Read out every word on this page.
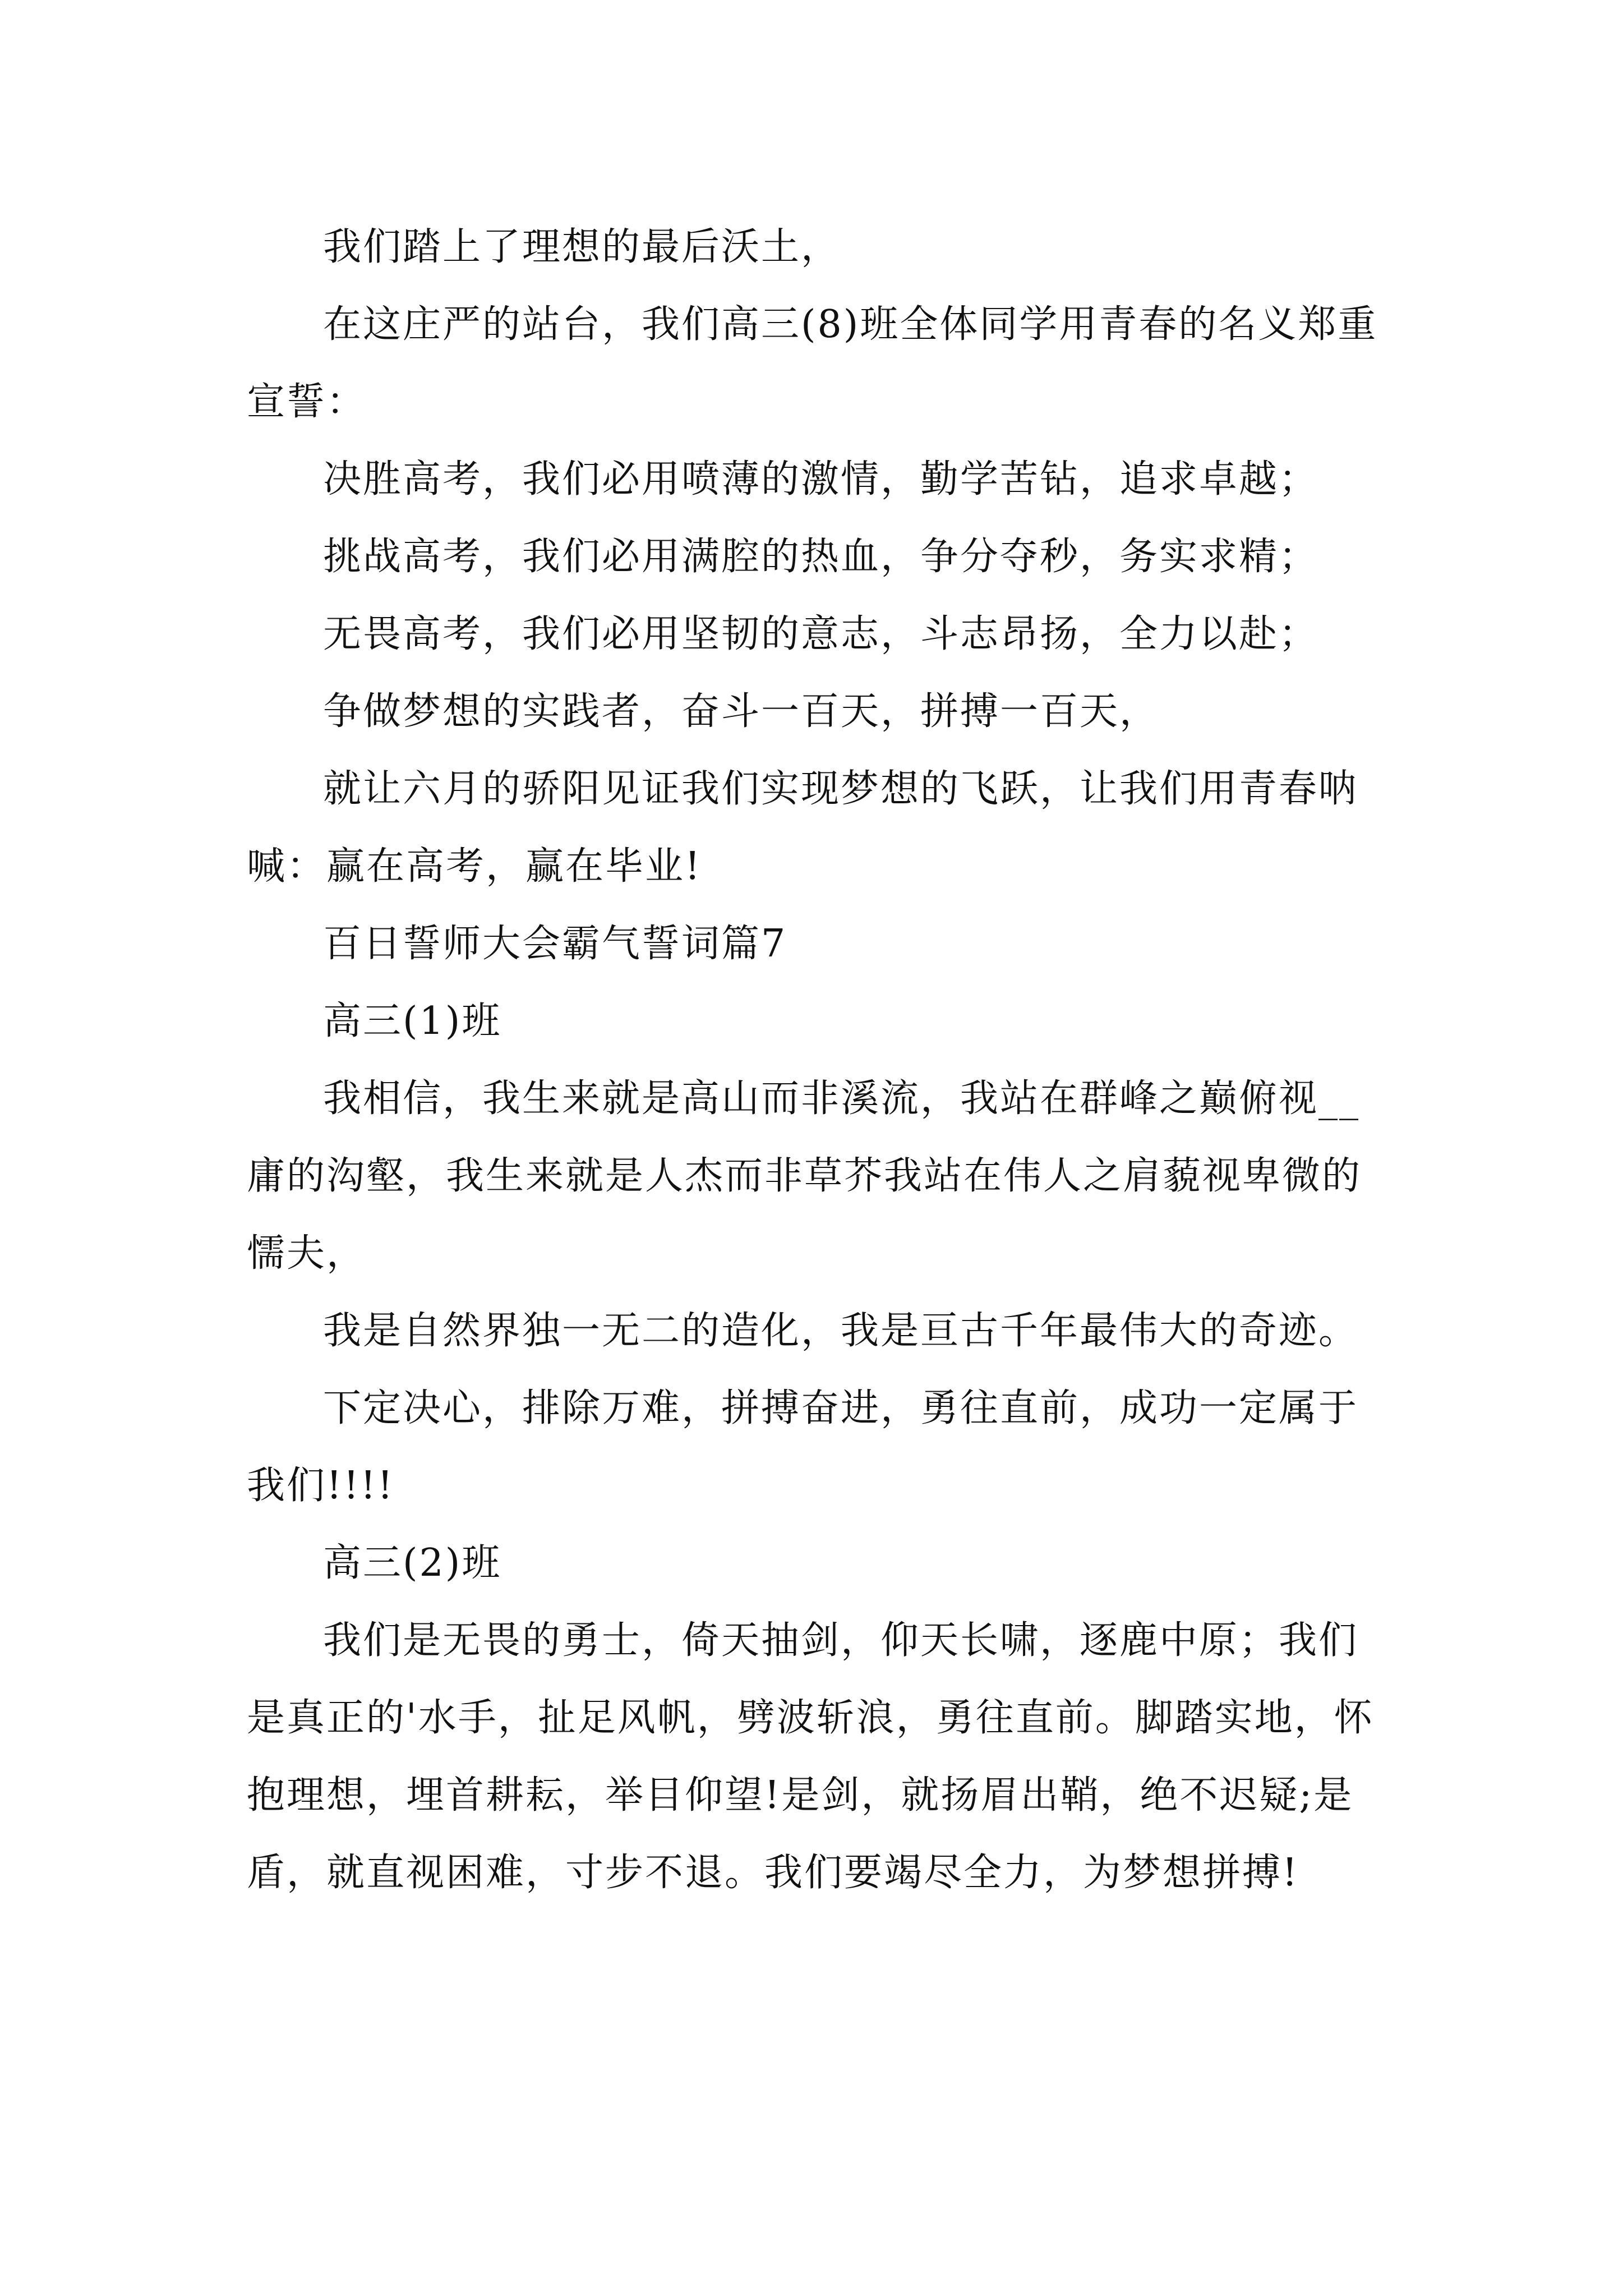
我们踏上了理想的最后沃土，

在这庄严的站台，我们高三(8)班全体同学用青春的名义郑重宣誓：

决胜高考，我们必用喷薄的激情，勤学苦钻，追求卓越；

挑战高考，我们必用满腔的热血，争分夺秒，务实求精；

无畏高考，我们必用坚韧的意志，斗志昂扬，全力以赴；

争做梦想的实践者，奋斗一百天，拼搏一百天，

就让六月的骄阳见证我们实现梦想的飞跃，让我们用青春呐喊：赢在高考，赢在毕业!

百日誓师大会霸气誓词篇7

高三(1)班

我相信，我生来就是高山而非溪流，我站在群峰之巅俯视__庸的沟壑，我生来就是人杰而非草芥我站在伟人之肩藐视卑微的懦夫，

我是自然界独一无二的造化，我是亘古千年最伟大的奇迹。

下定决心，排除万难，拼搏奋进，勇往直前，成功一定属于我们!!!!

高三(2)班

我们是无畏的勇士，倚天抽剑，仰天长啸，逐鹿中原；我们是真正的'水手，扯足风帆，劈波斩浪，勇往直前。脚踏实地，怀抱理想，埋首耕耘，举目仰望!是剑，就扬眉出鞘，绝不迟疑;是盾，就直视困难，寸步不退。我们要竭尽全力，为梦想拼搏!
